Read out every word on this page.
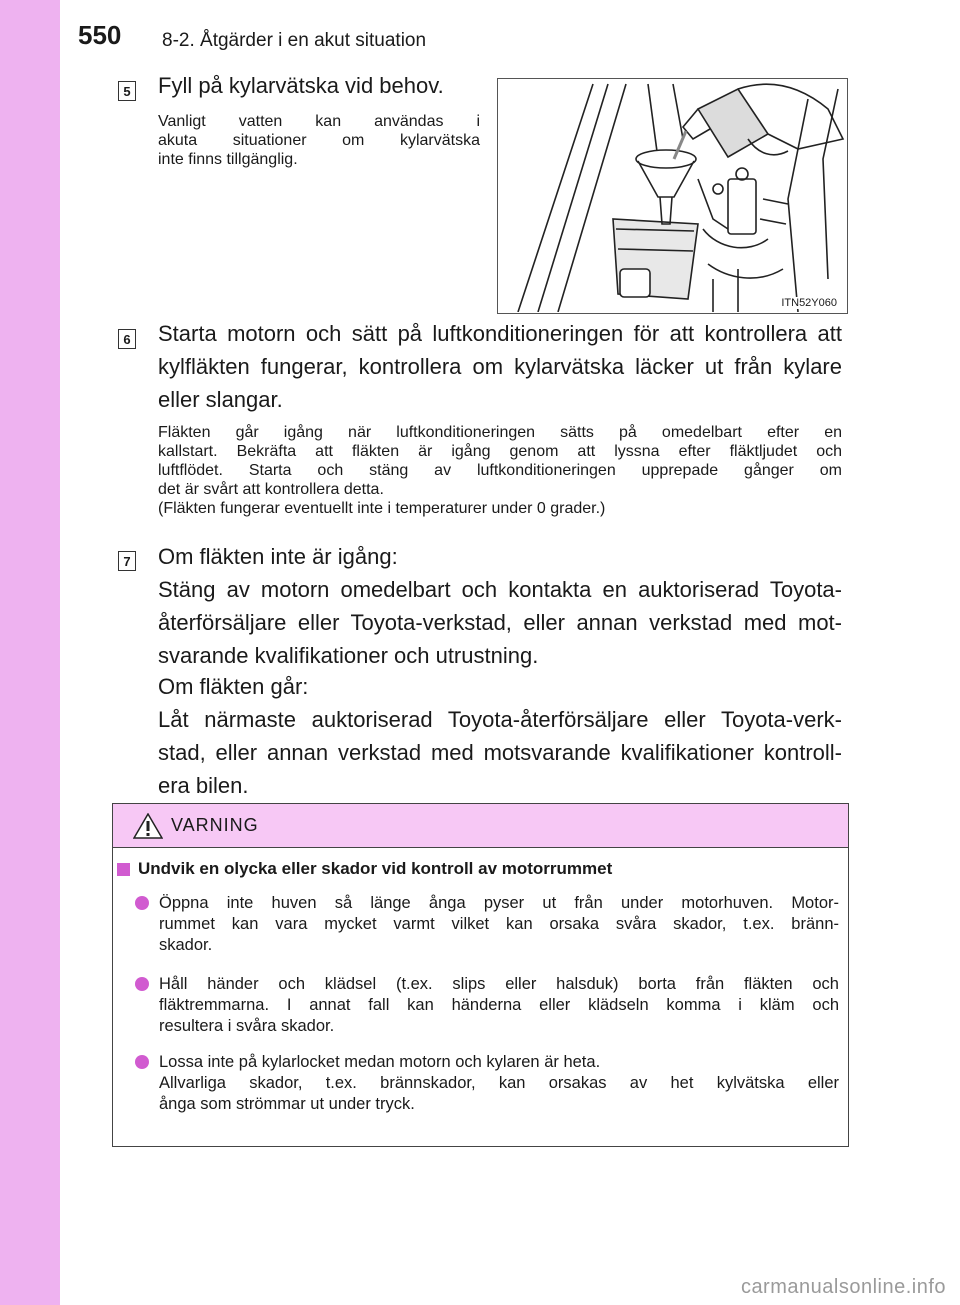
550 8-2. Åtgärder i en akut situation
5 Fyll på kylarvätska vid behov.
Vanligt vatten kan användas i
akuta situationer om kylarvätska
inte finns tillgänglig.
ITN52Y060
6 Starta motorn och sätt på luftkonditioneringen för att kontrollera att
kylfläkten fungerar, kontrollera om kylarvätska läcker ut från kylare
eller slangar.
Fläkten går igång när luftkonditioneringen sätts på omedelbart efter en
kallstart. Bekräfta att fläkten är igång genom att lyssna efter fläktljudet och
luftflödet. Starta och stäng av luftkonditioneringen upprepade gånger om
det är svårt att kontrollera detta.
(Fläkten fungerar eventuellt inte i temperaturer under 0 grader.)
7 Om fläkten inte är igång:
Stäng av motorn omedelbart och kontakta en auktoriserad Toyota-
återförsäljare eller Toyota-verkstad, eller annan verkstad med mot-
svarande kvalifikationer och utrustning.
Om fläkten går:
Låt närmaste auktoriserad Toyota-återförsäljare eller Toyota-verk-
stad, eller annan verkstad med motsvarande kvalifikationer kontroll-
era bilen.
VARNING
Undvik en olycka eller skador vid kontroll av motorrummet
Öppna inte huven så länge ånga pyser ut från under motorhuven. Motor-
rummet kan vara mycket varmt vilket kan orsaka svåra skador, t.ex. bränn-
skador.
Håll händer och klädsel (t.ex. slips eller halsduk) borta från fläkten och
fläktremmarna. I annat fall kan händerna eller klädseln komma i kläm och
resultera i svåra skador.
Lossa inte på kylarlocket medan motorn och kylaren är heta.
Allvarliga skador, t.ex. brännskador, kan orsakas av het kylvätska eller
ånga som strömmar ut under tryck.
carmanualsonline.info
